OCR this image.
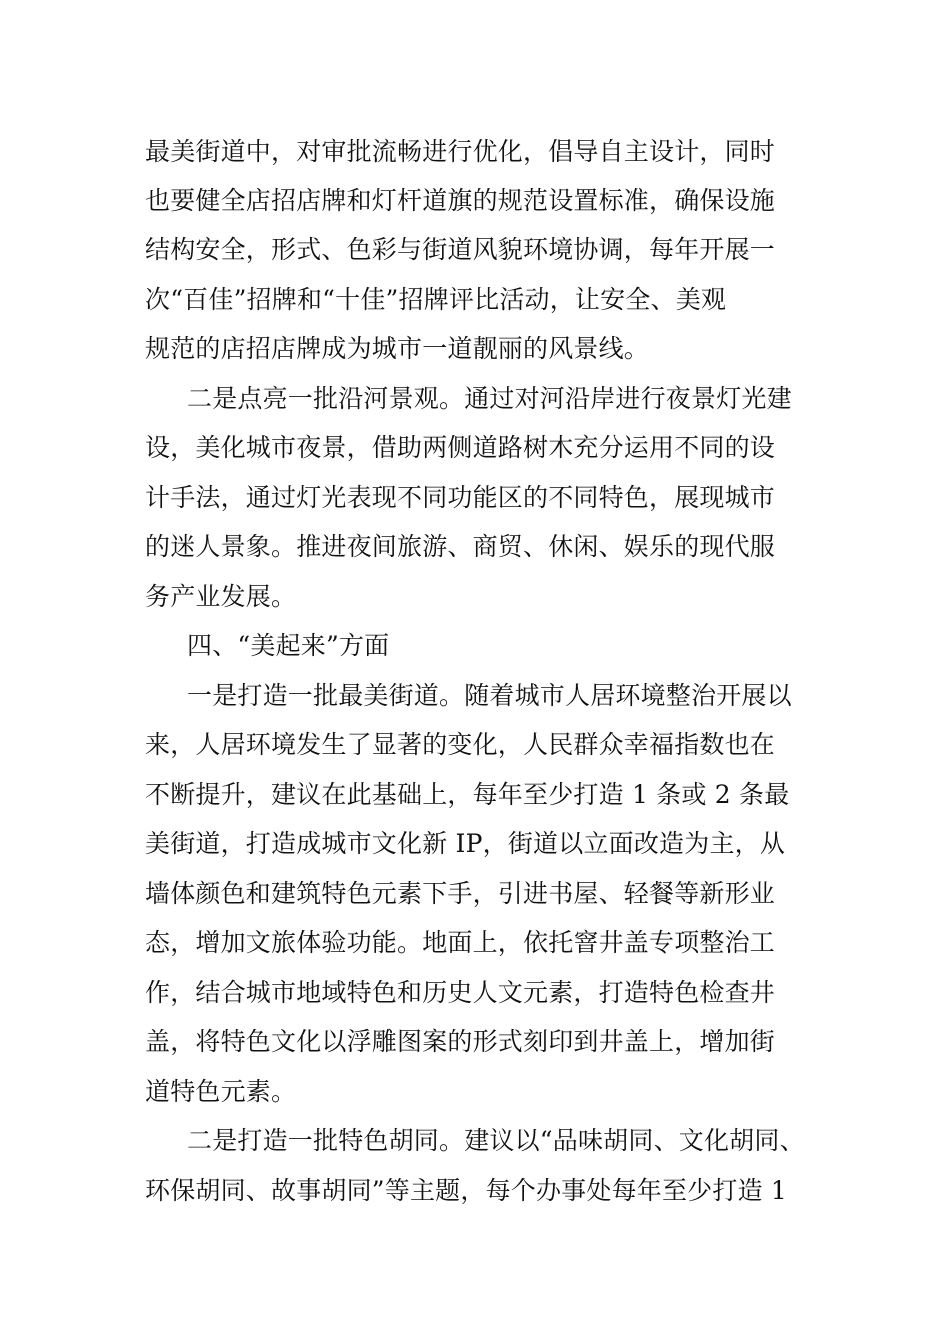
最美街道中，对审批流畅进行优化，倡导自主设计，同时
也要健全店招店牌和灯杆道旗的规范设置标准，确保设施
结构安全，形式、色彩与街道风貌环境协调，每年开展一
次“百佳”招牌和“十佳”招牌评比活动，让安全、美观
规范的店招店牌成为城市一道靓丽的风景线。
二是点亮一批沿河景观。通过对河沿岸进行夜景灯光建
设，美化城市夜景，借助两侧道路树木充分运用不同的设
计手法，通过灯光表现不同功能区的不同特色，展现城市
的迷人景象。推进夜间旅游、商贸、休闲、娱乐的现代服
务产业发展。
四、“美起来”方面
一是打造一批最美街道。随着城市人居环境整治开展以
来，人居环境发生了显著的变化，人民群众幸福指数也在
不断提升，建议在此基础上，每年至少打造 1 条或 2 条最
美街道，打造成城市文化新 IP，街道以立面改造为主，从
墙体颜色和建筑特色元素下手，引进书屋、轻餐等新形业
态，增加文旅体验功能。地面上，依托窨井盖专项整治工
作，结合城市地域特色和历史人文元素，打造特色检查井
盖，将特色文化以浮雕图案的形式刻印到井盖上，增加街
道特色元素。
二是打造一批特色胡同。建议以“品味胡同、文化胡同、
环保胡同、故事胡同”等主题，每个办事处每年至少打造 1
